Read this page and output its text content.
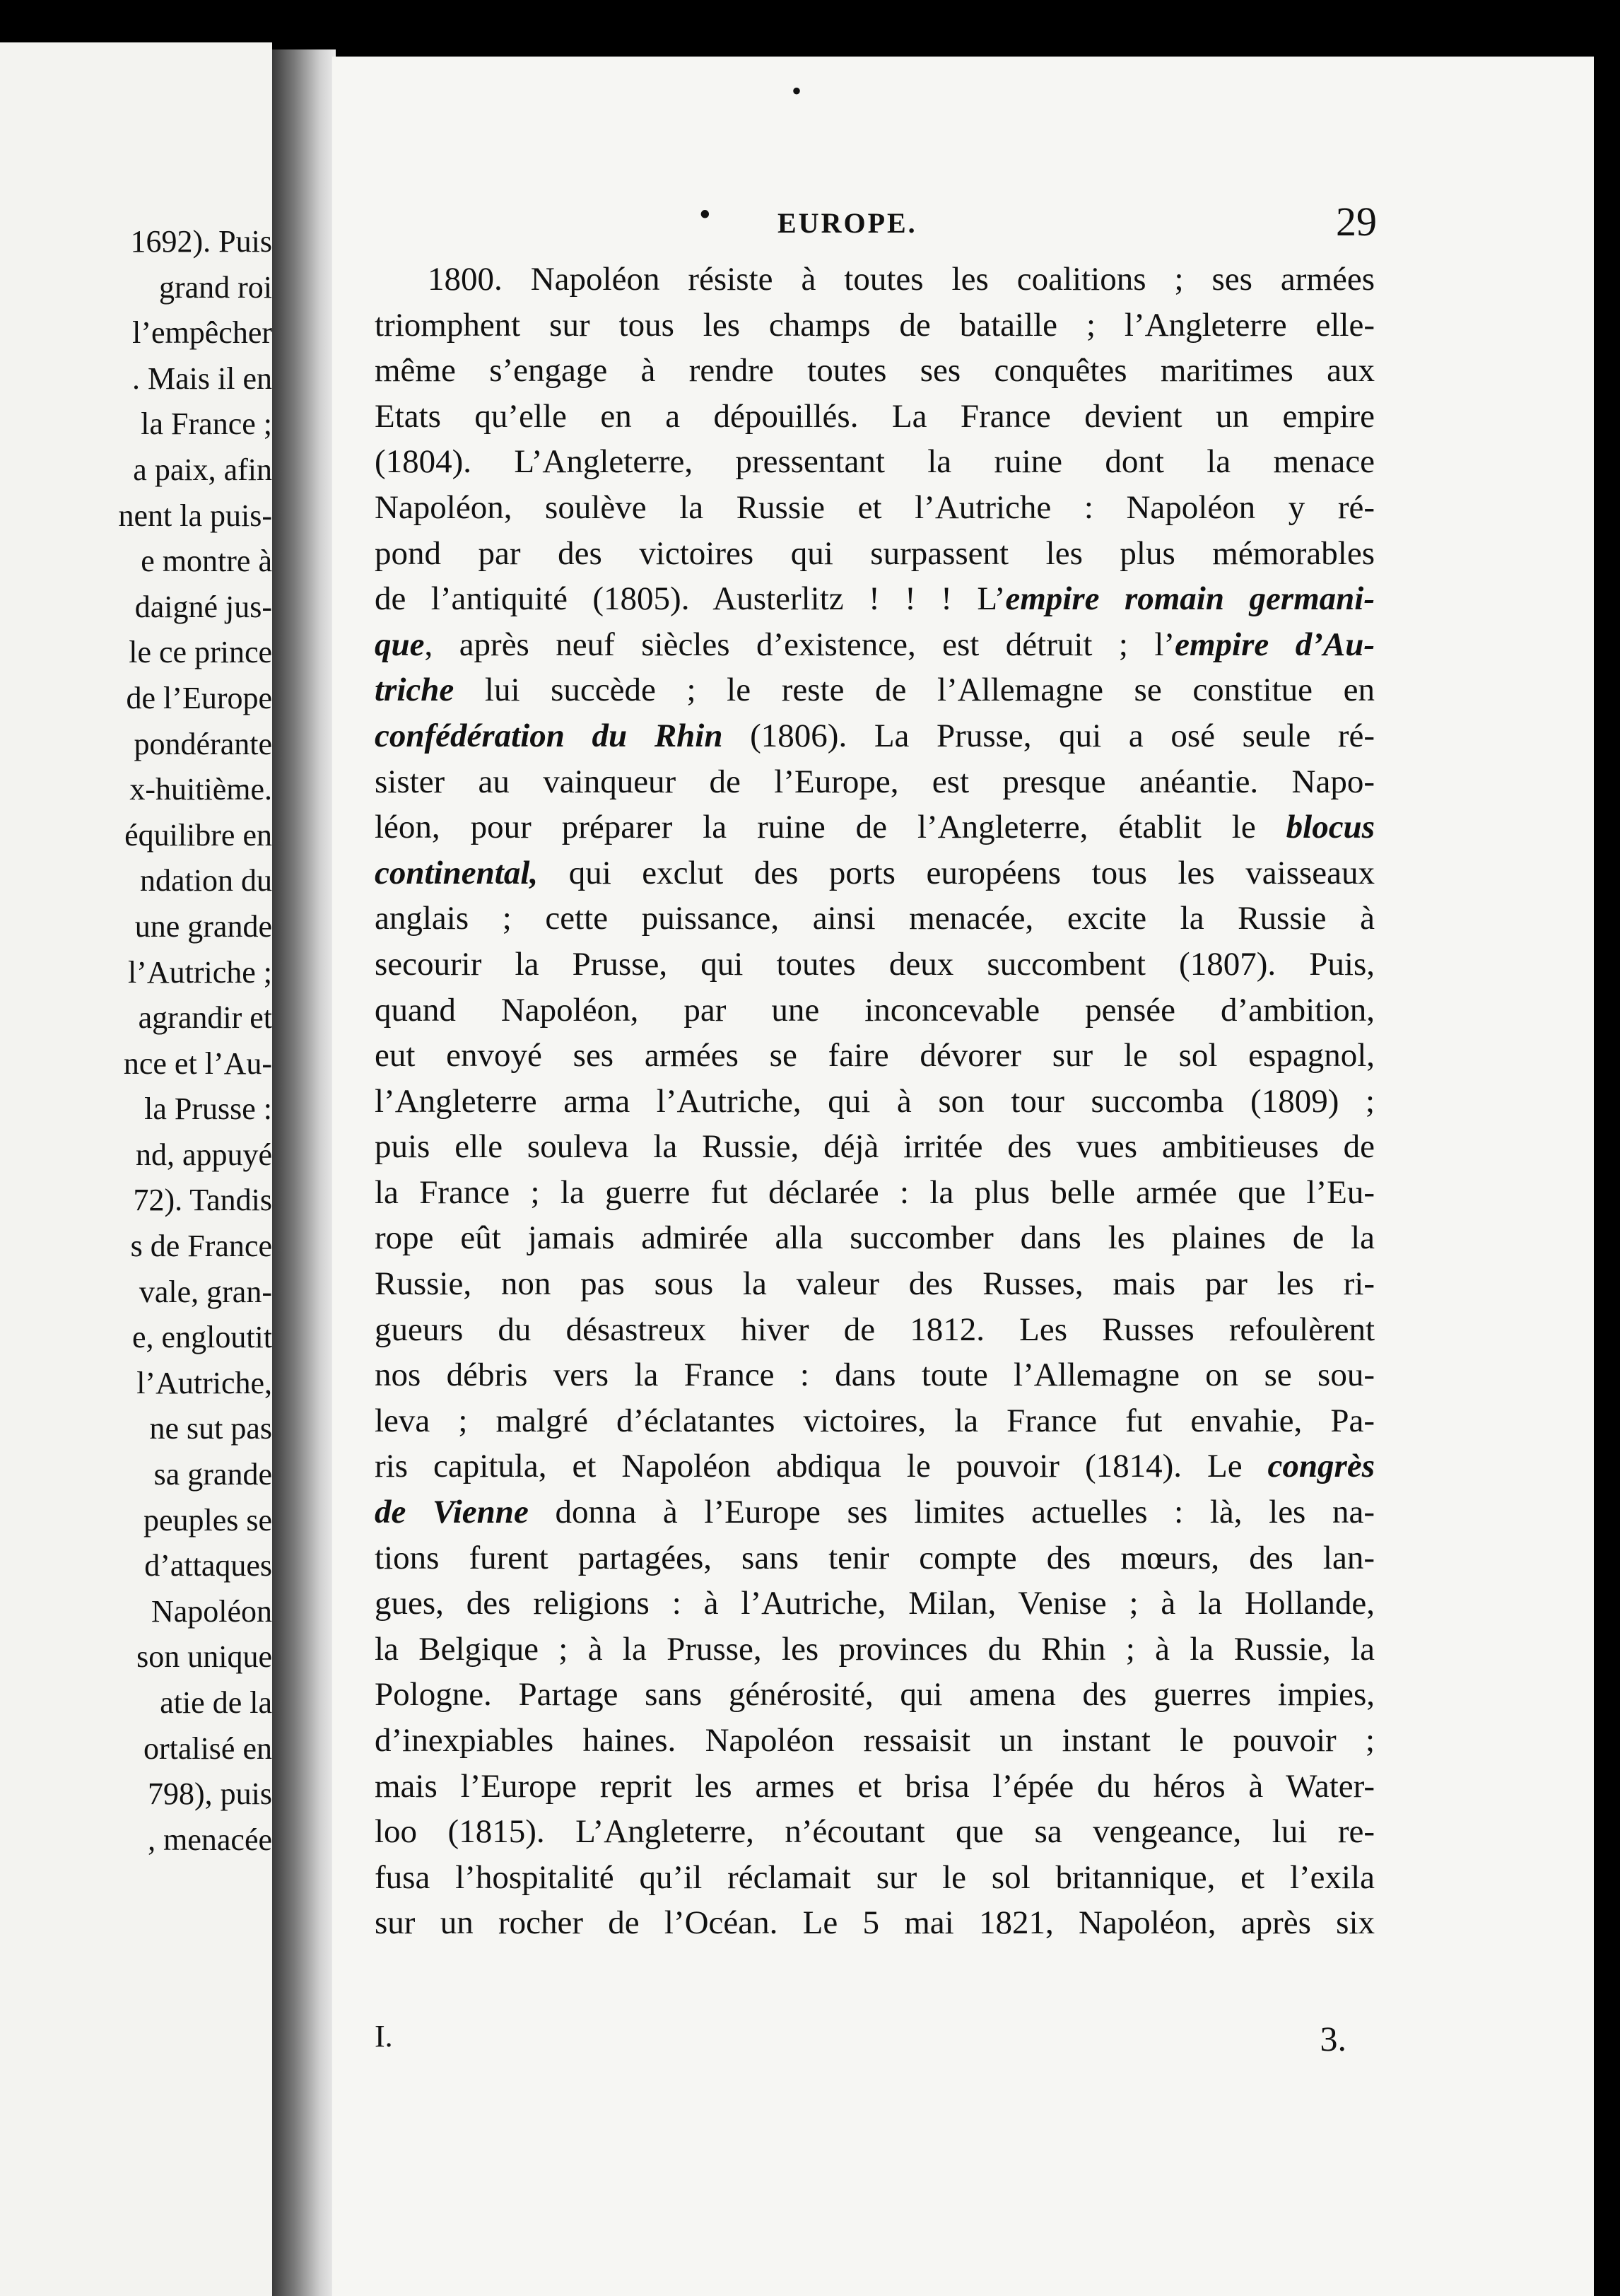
1692). Puis
grand roi
l’empêcher
. Mais il en
la France ;
a paix, afin
nent la puis-
e montre à
daigné jus-
le ce prince
de l’Europe
pondérante
x-huitième.
équilibre en
ndation du
une grande
l’Autriche ;
agrandir et
nce et l’Au-
la Prusse :
nd, appuyé
72). Tandis
s de France
vale, gran-
e, engloutit
l’Autriche,
ne sut pas
sa grande
peuples se
d’attaques
Napoléon
son unique
atie de la
ortalisé en
798), puis
, menacée
•
• EUROPE.	29
1800. Napoléon résiste à toutes les coalitions ; ses armées
triomphent sur tous les champs de bataille ; l’Angleterre elle-
même s’engage à rendre toutes ses conquêtes maritimes aux
Etats qu’elle en a dépouillés. La France devient un empire
(1804). L’Angleterre, pressentant la ruine dont la menace
Napoléon, soulève la Russie et l’Autriche : Napoléon y ré-
pond par des victoires qui surpassent les plus mémorables
de l’antiquité (1805). Austerlitz ! ! ! L’empire romain germani-
que, après neuf siècles d’existence, est détruit ; l’empire d’Au-
triche lui succède ; le reste de l’Allemagne se constitue en
confédération du Rhin (1806). La Prusse, qui a osé seule ré-
sister au vainqueur de l’Europe, est presque anéantie. Napo-
léon, pour préparer la ruine de l’Angleterre, établit le blocus
continental, qui exclut des ports européens tous les vaisseaux
anglais ; cette puissance, ainsi menacée, excite la Russie à
secourir la Prusse, qui toutes deux succombent (1807). Puis,
quand Napoléon, par une inconcevable pensée d’ambition,
eut envoyé ses armées se faire dévorer sur le sol espagnol,
l’Angleterre arma l’Autriche, qui à son tour succomba (1809) ;
puis elle souleva la Russie, déjà irritée des vues ambitieuses de
la France ; la guerre fut déclarée : la plus belle armée que l’Eu-
rope eût jamais admirée alla succomber dans les plaines de la
Russie, non pas sous la valeur des Russes, mais par les ri-
gueurs du désastreux hiver de 1812. Les Russes refoulèrent
nos débris vers la France : dans toute l’Allemagne on se sou-
leva ; malgré d’éclatantes victoires, la France fut envahie, Pa-
ris capitula, et Napoléon abdiqua le pouvoir (1814). Le congrès
de Vienne donna à l’Europe ses limites actuelles : là, les na-
tions furent partagées, sans tenir compte des mœurs, des lan-
gues, des religions : à l’Autriche, Milan, Venise ; à la Hollande,
la Belgique ; à la Prusse, les provinces du Rhin ; à la Russie, la
Pologne. Partage sans générosité, qui amena des guerres impies,
d’inexpiables haines. Napoléon ressaisit un instant le pouvoir ;
mais l’Europe reprit les armes et brisa l’épée du héros à Water-
loo (1815). L’Angleterre, n’écoutant que sa vengeance, lui re-
fusa l’hospitalité qu’il réclamait sur le sol britannique, et l’exila
sur un rocher de l’Océan. Le 5 mai 1821, Napoléon, après six
I.	3.
